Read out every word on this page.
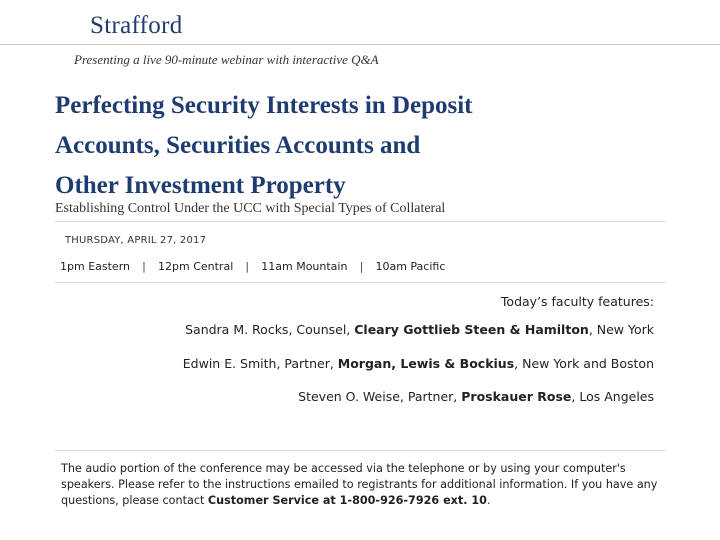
Strafford
Presenting a live 90-minute webinar with interactive Q&A
Perfecting Security Interests in Deposit
Accounts, Securities Accounts and
Other Investment Property
Establishing Control Under the UCC with Special Types of Collateral
THURSDAY, APRIL 27, 2017
1pm Eastern	|	12pm Central	|	11am Mountain	|	10am Pacific
Today’s faculty features:
Sandra M. Rocks, Counsel, Cleary Gottlieb Steen & Hamilton, New York
Edwin E. Smith, Partner, Morgan, Lewis & Bockius, New York and Boston
Steven O. Weise, Partner, Proskauer Rose, Los Angeles

The audio portion of the conference may be accessed via the telephone or by using your computer's speakers. Please refer to the instructions emailed to registrants for additional information. If you have any questions, please contact Customer Service at 1-800-926-7926 ext. 10.
